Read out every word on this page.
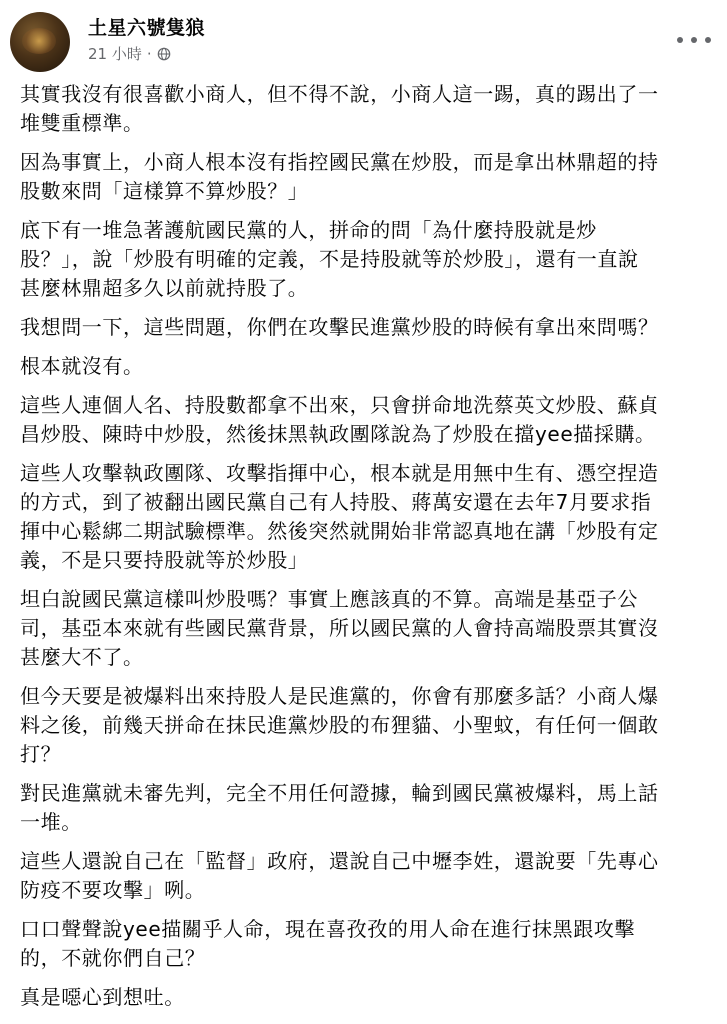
土星六號隻狼
21 小時 ·

其實我沒有很喜歡小商人，但不得不說，小商人這一踢，真的踢出了一
堆雙重標準。

因為事實上，小商人根本沒有指控國民黨在炒股，而是拿出林鼎超的持
股數來問「這樣算不算炒股？」

底下有一堆急著護航國民黨的人，拼命的問「為什麼持股就是炒
股？」，說「炒股有明確的定義，不是持股就等於炒股」，還有一直說
甚麼林鼎超多久以前就持股了。

我想問一下，這些問題，你們在攻擊民進黨炒股的時候有拿出來問嗎？

根本就沒有。

這些人連個人名、持股數都拿不出來，只會拼命地洗蔡英文炒股、蘇貞
昌炒股、陳時中炒股，然後抹黑執政團隊說為了炒股在擋yee描採購。

這些人攻擊執政團隊、攻擊指揮中心，根本就是用無中生有、憑空捏造
的方式，到了被翻出國民黨自己有人持股、蔣萬安還在去年7月要求指
揮中心鬆綁二期試驗標準。然後突然就開始非常認真地在講「炒股有定
義，不是只要持股就等於炒股」

坦白說國民黨這樣叫炒股嗎？事實上應該真的不算。高端是基亞子公
司，基亞本來就有些國民黨背景，所以國民黨的人會持高端股票其實沒
甚麼大不了。

但今天要是被爆料出來持股人是民進黨的，你會有那麼多話？小商人爆
料之後，前幾天拼命在抹民進黨炒股的布狸貓、小聖蚊，有任何一個敢
打？

對民進黨就未審先判，完全不用任何證據，輪到國民黨被爆料，馬上話
一堆。

這些人還說自己在「監督」政府，還說自己中壢李姓，還說要「先專心
防疫不要攻擊」咧。

口口聲聲說yee描關乎人命，現在喜孜孜的用人命在進行抹黑跟攻擊
的，不就你們自己？

真是噁心到想吐。
